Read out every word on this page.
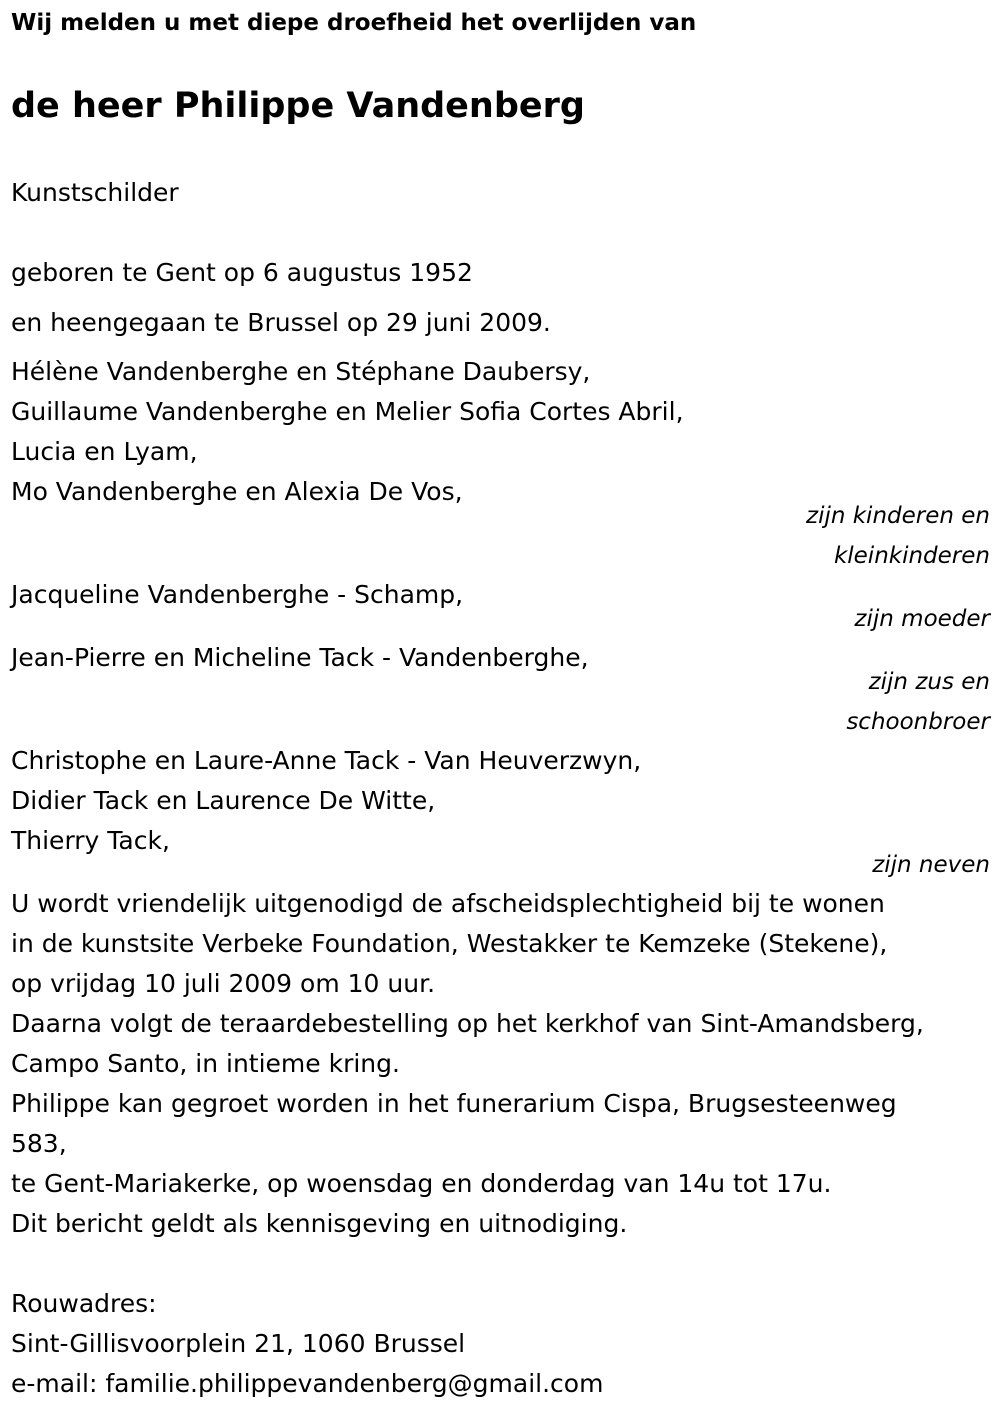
Wij melden u met diepe droefheid het overlijden van
de heer Philippe Vandenberg
Kunstschilder
geboren te Gent op 6 augustus 1952
en heengegaan te Brussel op 29 juni 2009.
Hélène Vandenberghe en Stéphane Daubersy,
Guillaume Vandenberghe en Melier Sofia Cortes Abril,
Lucia en Lyam,
Mo Vandenberghe en Alexia De Vos,
zijn kinderen en
kleinkinderen
Jacqueline Vandenberghe - Schamp,
zijn moeder
Jean-Pierre en Micheline Tack - Vandenberghe,
zijn zus en
schoonbroer
Christophe en Laure-Anne Tack - Van Heuverzwyn,
Didier Tack en Laurence De Witte,
Thierry Tack,
zijn neven
U wordt vriendelijk uitgenodigd de afscheidsplechtigheid bij te wonen
in de kunstsite Verbeke Foundation, Westakker te Kemzeke (Stekene),
op vrijdag 10 juli 2009 om 10 uur.
Daarna volgt de teraardebestelling op het kerkhof van Sint-Amandsberg,
Campo Santo, in intieme kring.
Philippe kan gegroet worden in het funerarium Cispa, Brugsesteenweg
583,
te Gent-Mariakerke, op woensdag en donderdag van 14u tot 17u.
Dit bericht geldt als kennisgeving en uitnodiging.
Rouwadres:
Sint-Gillisvoorplein 21, 1060 Brussel
e-mail: familie.philippevandenberg@gmail.com
